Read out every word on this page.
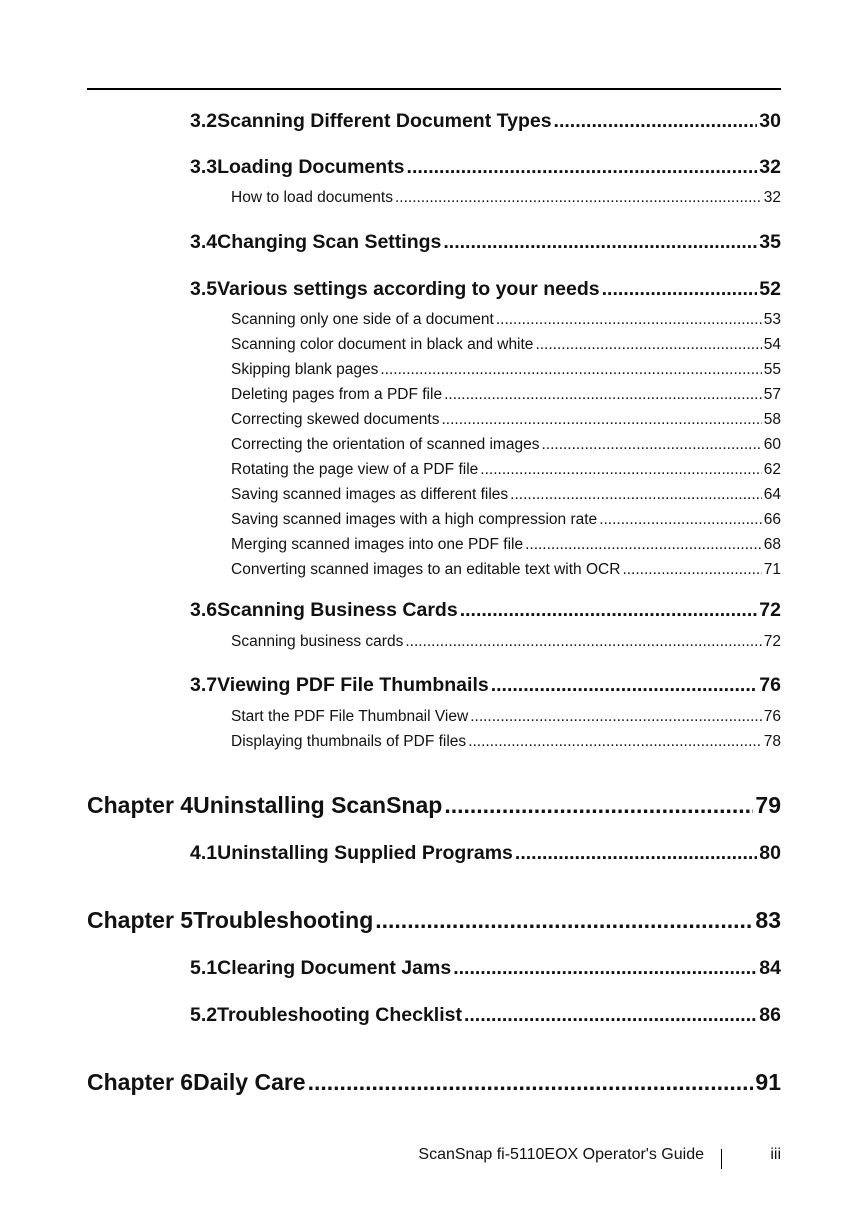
3.2 Scanning Different Document Types .....	30
3.3 Loading Documents .....	32
How to load documents .....	32
3.4 Changing Scan Settings .....	35
3.5 Various settings according to your needs .....	52
Scanning only one side of a document .....	53
Scanning color document in black and white .....	54
Skipping blank pages .....	55
Deleting pages from a PDF file .....	57
Correcting skewed documents .....	58
Correcting the orientation of scanned images .....	60
Rotating the page view of a PDF file .....	62
Saving scanned images as different files .....	64
Saving scanned images with a high compression rate .....	66
Merging scanned images into one PDF file .....	68
Converting scanned images to an editable text with OCR .....	71
3.6 Scanning Business Cards .....	72
Scanning business cards .....	72
3.7 Viewing PDF File Thumbnails .....	76
Start the PDF File Thumbnail View .....	76
Displaying thumbnails of PDF files .....	78
Chapter 4 Uninstalling ScanSnap .....	79
4.1 Uninstalling Supplied Programs .....	80
Chapter 5 Troubleshooting .....	83
5.1 Clearing Document Jams .....	84
5.2 Troubleshooting Checklist .....	86
Chapter 6 Daily Care .....	91
ScanSnap fi-5110EOX Operator's Guide	iii
